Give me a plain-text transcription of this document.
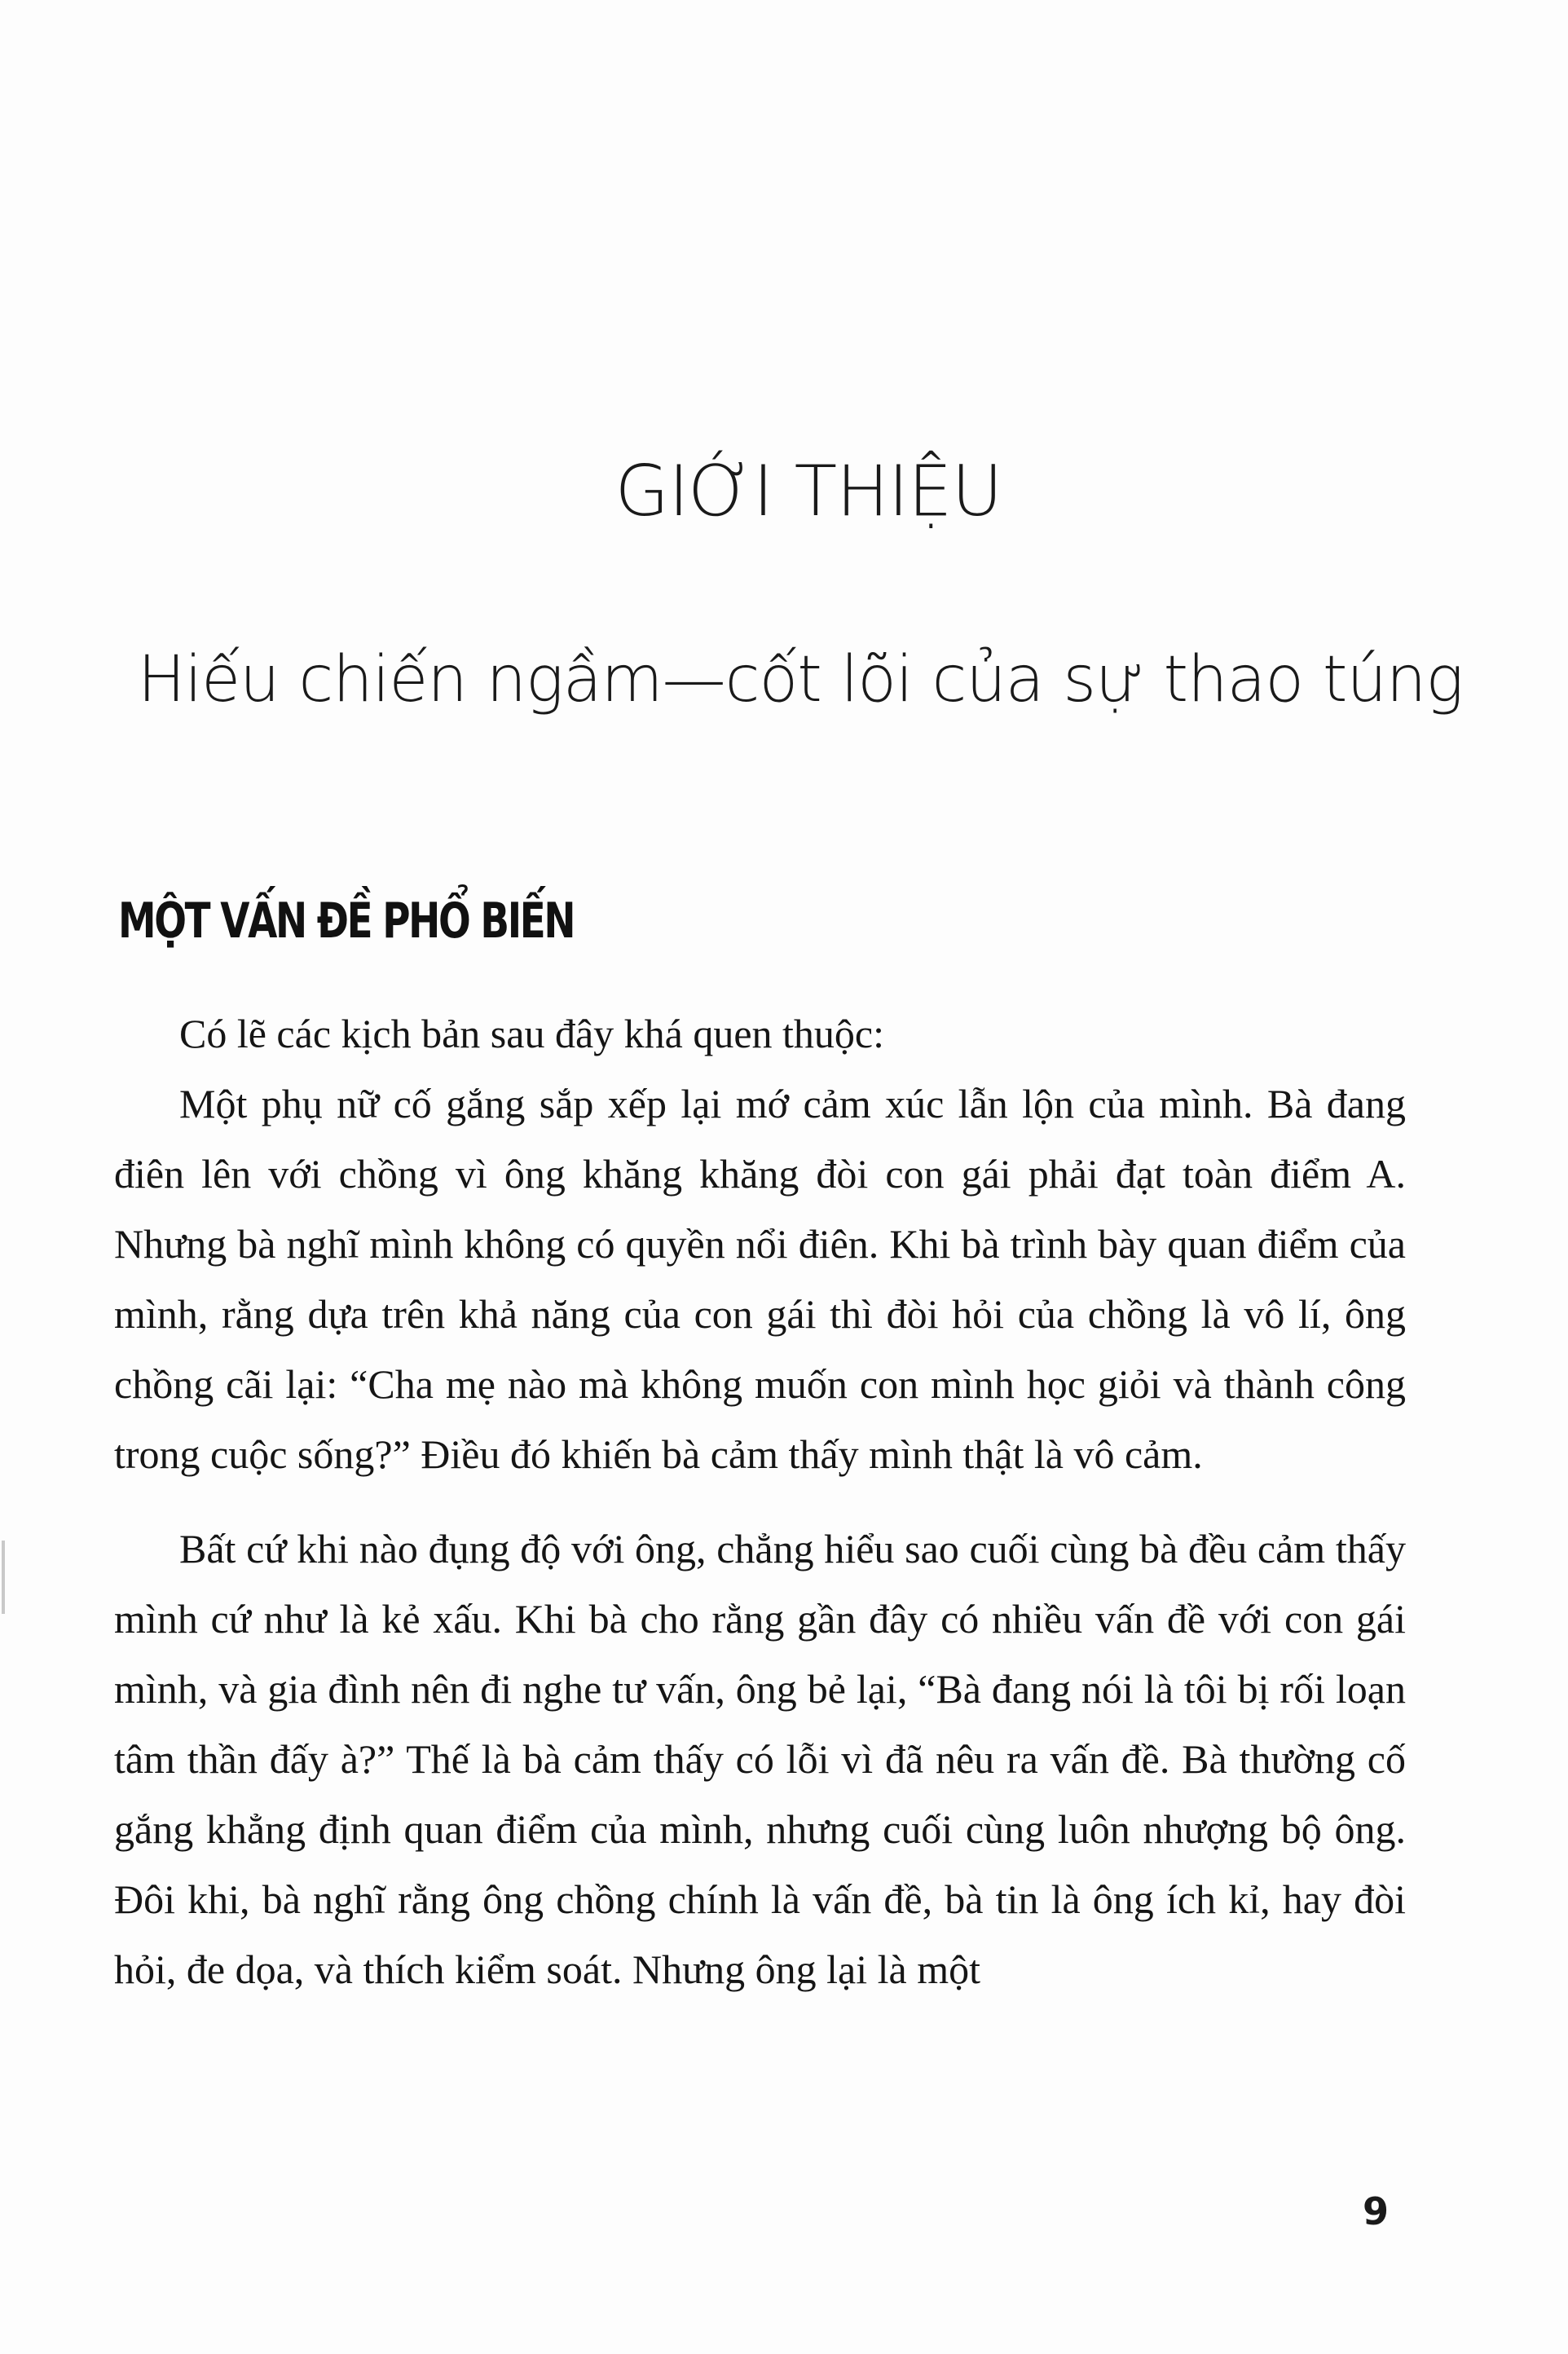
GIỚI THIỆU
Hiếu chiến ngầm—cốt lõi của sự thao túng
MỘT VẤN ĐỀ PHỔ BIẾN

Có lẽ các kịch bản sau đây khá quen thuộc:

Một phụ nữ cố gắng sắp xếp lại mớ cảm xúc lẫn lộn của mình. Bà đang điên lên với chồng vì ông khăng khăng đòi con gái phải đạt toàn điểm A. Nhưng bà nghĩ mình không có quyền nổi điên. Khi bà trình bày quan điểm của mình, rằng dựa trên khả năng của con gái thì đòi hỏi của chồng là vô lí, ông chồng cãi lại: “Cha mẹ nào mà không muốn con mình học giỏi và thành công trong cuộc sống?” Điều đó khiến bà cảm thấy mình thật là vô cảm.

Bất cứ khi nào đụng độ với ông, chẳng hiểu sao cuối cùng bà đều cảm thấy mình cứ như là kẻ xấu. Khi bà cho rằng gần đây có nhiều vấn đề với con gái mình, và gia đình nên đi nghe tư vấn, ông bẻ lại, “Bà đang nói là tôi bị rối loạn tâm thần đấy à?” Thế là bà cảm thấy có lỗi vì đã nêu ra vấn đề. Bà thường cố gắng khẳng định quan điểm của mình, nhưng cuối cùng luôn nhượng bộ ông. Đôi khi, bà nghĩ rằng ông chồng chính là vấn đề, bà tin là ông ích kỉ, hay đòi hỏi, đe dọa, và thích kiểm soát. Nhưng ông lại là một

9
